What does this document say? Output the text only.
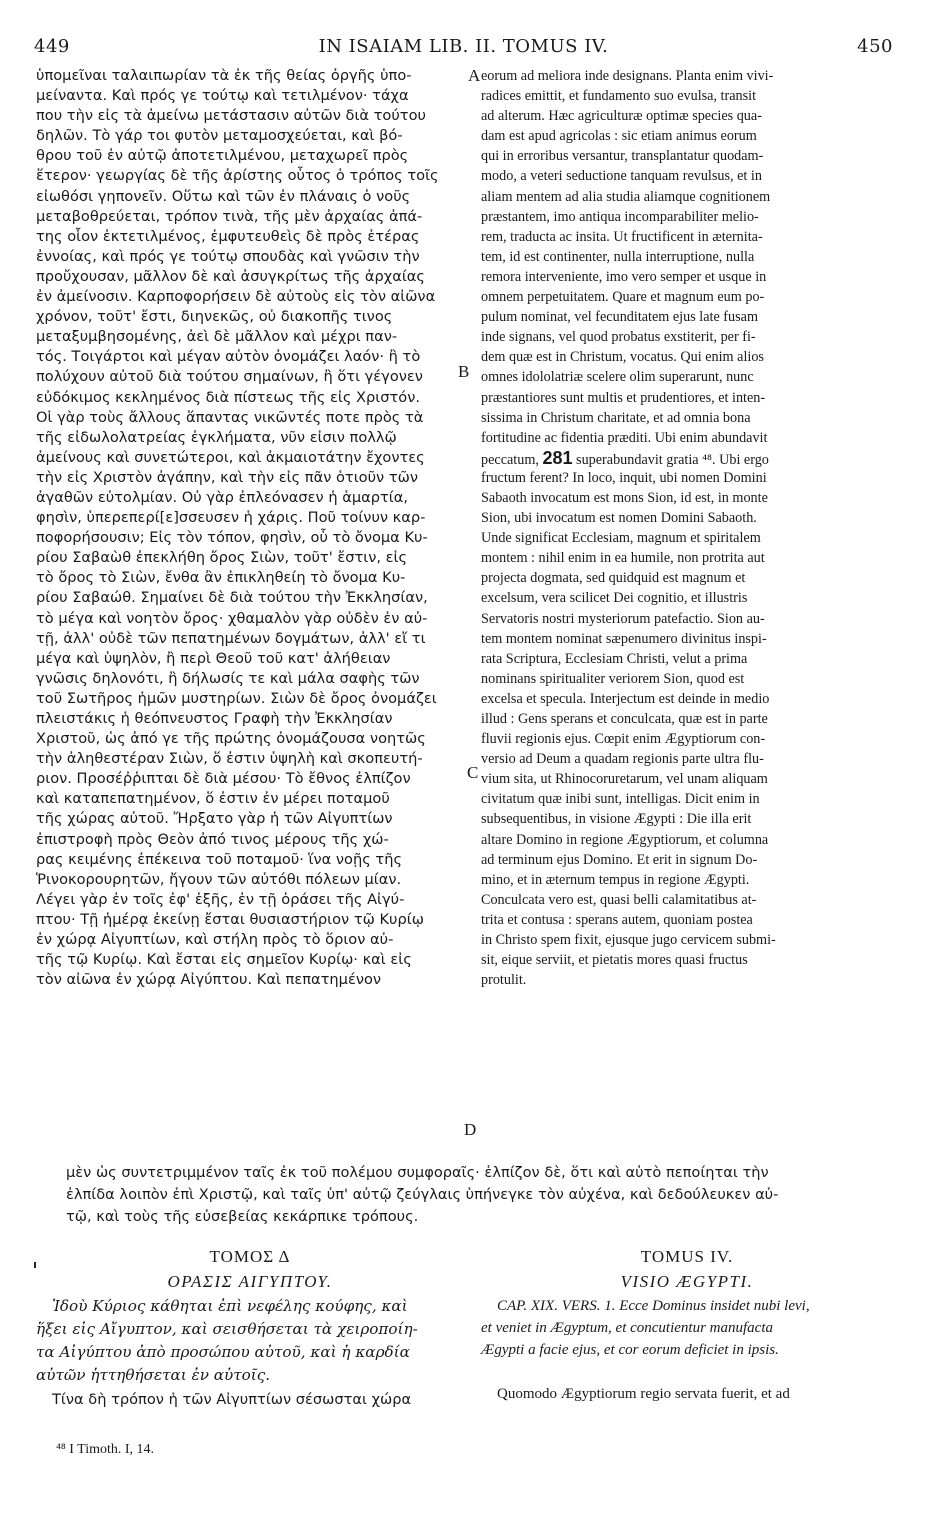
449	IN ISAIAM LIB. II. TOMUS IV.	450
ὑπομεῖναι ταλαιπωρίαν τὰ ἐκ τῆς θείας ὀργῆς ὑπο-
μείναντα. Καὶ πρός γε τούτῳ καὶ τετιλμένον· τάχα
που τὴν εἰς τὰ ἀμείνω μετάστασιν αὐτῶν διὰ τούτου
δηλῶν. Τὸ γάρ τοι φυτὸν μεταμοσχεύεται, καὶ βό-
θρου τοῦ ἐν αὐτῷ ἀποτετιλμένου, μεταχωρεῖ πρὸς
ἕτερον· γεωργίας δὲ τῆς ἀρίστης οὗτος ὁ τρόπος τοῖς
εἰωθόσι γηπονεῖν. Οὕτω καὶ τῶν ἐν πλάναις ὁ νοῦς
μεταβοθρεύεται, τρόπον τινὰ, τῆς μὲν ἀρχαίας ἀπά-
της οἷον ἐκτετιλμένος, ἐμφυτευθεὶς δὲ πρὸς ἑτέρας
ἐννοίας, καὶ πρός γε τούτῳ σπουδὰς καὶ γνῶσιν τὴν
προὔχουσαν, μᾶλλον δὲ καὶ ἀσυγκρίτως τῆς ἀρχαίας
ἐν ἀμείνοσιν. Καρποφορήσειν δὲ αὐτοὺς εἰς τὸν αἰῶνα
χρόνον, τοῦτ' ἔστι, διηνεκῶς, οὐ διακοπῆς τινος
μεταξυμβησομένης, ἀεὶ δὲ μᾶλλον καὶ μέχρι παν-
τός. Τοιγάρτοι καὶ μέγαν αὐτὸν ὀνομάζει λαόν· ἢ τὸ
πολύχουν αὐτοῦ διὰ τούτου σημαίνων, ἢ ὅτι γέγονεν
εὐδόκιμος κεκλημένος διὰ πίστεως τῆς εἰς Χριστόν.
Οἱ γὰρ τοὺς ἄλλους ἅπαντας νικῶντές ποτε πρὸς τὰ
τῆς εἰδωλολατρείας ἐγκλήματα, νῦν εἰσιν πολλῷ
ἀμείνους καὶ συνετώτεροι, καὶ ἀκμαιοτάτην ἔχοντες
τὴν εἰς Χριστὸν ἀγάπην, καὶ τὴν εἰς πᾶν ὁτιοῦν τῶν
ἀγαθῶν εὐτολμίαν. Οὐ γὰρ ἐπλεόνασεν ἡ ἁμαρτία,
φησὶν, ὑπερεπερί[ε]σσευσεν ἡ χάρις. Ποῦ τοίνυν καρ-
ποφορήσουσιν; Εἰς τὸν τόπον, φησὶν, οὗ τὸ ὄνομα Κυ-
ρίου Σαβαὼθ ἐπεκλήθη ὄρος Σιὼν, τοῦτ' ἔστιν, εἰς
τὸ ὄρος τὸ Σιὼν, ἔνθα ἂν ἐπικληθείη τὸ ὄνομα Κυ-
ρίου Σαβαώθ. Σημαίνει δὲ διὰ τούτου τὴν Ἐκκλησίαν,
τὸ μέγα καὶ νοητὸν ὄρος· χθαμαλὸν γὰρ οὐδὲν ἐν αὐ-
τῇ, ἀλλ' οὐδὲ τῶν πεπατημένων δογμάτων, ἀλλ' εἴ τι
μέγα καὶ ὑψηλὸν, ἢ περὶ Θεοῦ τοῦ κατ' ἀλήθειαν
γνῶσις δηλονότι, ἢ δήλωσίς τε καὶ μάλα σαφὴς τῶν
τοῦ Σωτῆρος ἡμῶν μυστηρίων. Σιὼν δὲ ὄρος ὀνομάζει
πλειστάκις ἡ θεόπνευστος Γραφὴ τὴν Ἐκκλησίαν
Χριστοῦ, ὡς ἀπό γε τῆς πρώτης ὀνομάζουσα νοητῶς
τὴν ἀληθεστέραν Σιὼν, ὅ ἐστιν ὑψηλὴ καὶ σκοπευτή-
ριον. Προσέῤῥιπται δὲ διὰ μέσου· Τὸ ἔθνος ἐλπίζον
καὶ καταπεπατημένον, ὅ ἐστιν ἐν μέρει ποταμοῦ
τῆς χώρας αὐτοῦ. Ἤρξατο γὰρ ἡ τῶν Αἰγυπτίων
ἐπιστροφὴ πρὸς Θεὸν ἀπό τινος μέρους τῆς χώ-
ρας κειμένης ἐπέκεινα τοῦ ποταμοῦ· ἵνα νοῇς τῆς
Ῥινοκορουρητῶν, ἤγουν τῶν αὐτόθι πόλεων μίαν.
Λέγει γὰρ ἐν τοῖς ἐφ' ἑξῆς, ἐν τῇ ὁράσει τῆς Αἰγύ-
πτου· Τῇ ἡμέρᾳ ἐκείνῃ ἔσται θυσιαστήριον τῷ Κυρίῳ
ἐν χώρᾳ Αἰγυπτίων, καὶ στήλη πρὸς τὸ ὅριον αὐ-
τῆς τῷ Κυρίῳ. Καὶ ἔσται εἰς σημεῖον Κυρίῳ· καὶ εἰς
τὸν αἰῶνα ἐν χώρᾳ Αἰγύπτου. Καὶ πεπατημένον
eorum ad meliora inde designans. Planta enim vivi-
radices emittit, et fundamento suo evulsa, transit
ad alterum. Hæc agriculturæ optimæ species qua-
dam est apud agricolas : sic etiam animus eorum
qui in erroribus versantur, transplantatur quodam-
modo, a veteri seductione tanquam revulsus, et in
aliam mentem ad alia studia aliamque cognitionem
præstantem, imo antiqua incomparabiliter melio-
rem, traducta ac insita. Ut fructificent in æternita-
tem, id est continenter, nulla interruptione, nulla
remora interveniente, imo vero semper et usque in
omnem perpetuitatem. Quare et magnum eum po-
pulum nominat, vel fecunditatem ejus late fusam
inde signans, vel quod probatus exstiterit, per fi-
dem quæ est in Christum, vocatus. Qui enim alios
omnes idololatriæ scelere olim superarunt, nunc
præstantiores sunt multis et prudentiores, et inten-
sissima in Christum charitate, et ad omnia bona
fortitudine ac fidentia præditi. Ubi enim abundavit
peccatum, 281 superabundavit gratia ⁴⁸. Ubi ergo
fructum ferent? In loco, inquit, ubi nomen Domini
Sabaoth invocatum est mons Sion, id est, in monte
Sion, ubi invocatum est nomen Domini Sabaoth.
Unde significat Ecclesiam, magnum et spiritalem
montem : nihil enim in ea humile, non protrita aut
projecta dogmata, sed quidquid est magnum et
excelsum, vera scilicet Dei cognitio, et illustris
Servatoris nostri mysteriorum patefactio. Sion au-
tem montem nominat sæpenumero divinitus inspi-
rata Scriptura, Ecclesiam Christi, velut a prima
nominans spiritualiter veriorem Sion, quod est
excelsa et specula. Interjectum est deinde in medio
illud : Gens sperans et conculcata, quæ est in parte
fluvii regionis ejus. Cœpit enim Ægyptiorum con-
versio ad Deum a quadam regionis parte ultra flu-
vium sita, ut Rhinocoruretarum, vel unam aliquam
civitatum quæ inibi sunt, intelligas. Dicit enim in
subsequentibus, in visione Ægypti : Die illa erit
altare Domino in regione Ægyptiorum, et columna
ad terminum ejus Domino. Et erit in signum Do-
mino, et in æternum tempus in regione Ægypti.
Conculcata vero est, quasi belli calamitatibus at-
trita et contusa : sperans autem, quoniam postea
in Christo spem fixit, ejusque jugo cervicem submi-
sit, eique serviit, et pietatis mores quasi fructus
protulit.
A
B
C
D
μὲν ὡς συντετριμμένον ταῖς ἐκ τοῦ πολέμου συμφοραῖς· ἐλπίζον δὲ, ὅτι καὶ αὐτὸ πεποίηται τὴν
ἐλπίδα λοιπὸν ἐπὶ Χριστῷ, καὶ ταῖς ὑπ' αὐτῷ ζεύγλαις ὑπήνεγκε τὸν αὐχένα, καὶ δεδούλευκεν αὐ-
τῷ, καὶ τοὺς τῆς εὐσεβείας κεκάρπικε τρόπους.
ΤΟΜΟΣ Δ
ΟΡΑΣΙΣ ΑΙΓΥΠΤΟΥ.
Ἰδοὺ Κύριος κάθηται ἐπὶ νεφέλης κούφης, καὶ
ἥξει εἰς Αἴγυπτον, καὶ σεισθήσεται τὰ χειροποίη-
τα Αἰγύπτου ἀπὸ προσώπου αὐτοῦ, καὶ ἡ καρδία
αὐτῶν ἡττηθήσεται ἐν αὐτοῖς.
Τίνα δὴ τρόπον ἡ τῶν Αἰγυπτίων σέσωσται χώρα
TOMUS IV.
VISIO ÆGYPTI.
CAP. XIX. VERS. 1. Ecce Dominus insidet nubi levi,
et veniet in Ægyptum, et concutientur manufacta
Ægypti a facie ejus, et cor eorum deficiet in ipsis.
Quomodo Ægyptiorum regio servata fuerit, et ad
⁴⁸ I Timoth. I, 14.
